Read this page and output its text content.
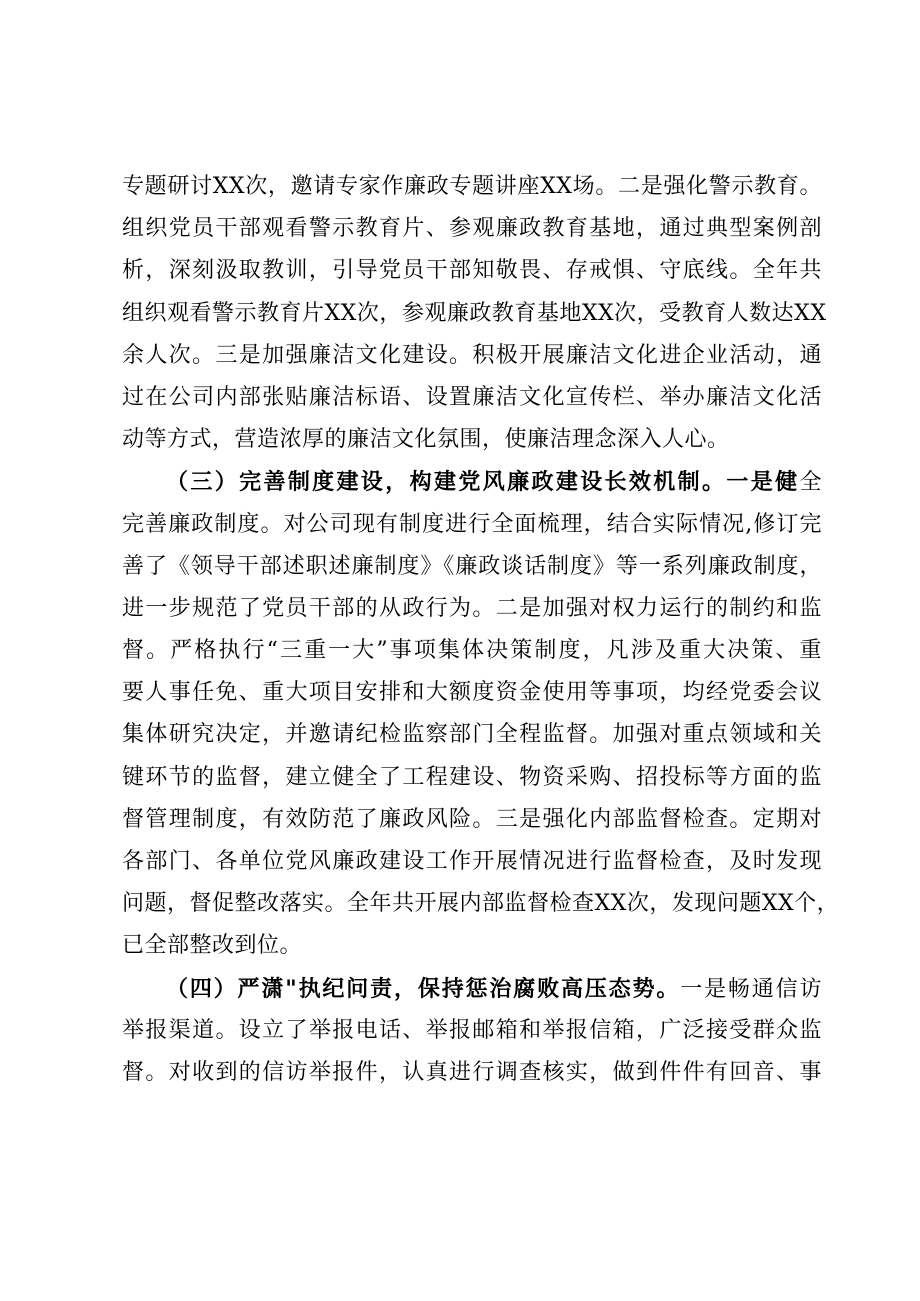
专题研讨XX次，邀请专家作廉政专题讲座XX场。二是强化警示教育。
组织党员干部观看警示教育片、参观廉政教育基地，通过典型案例剖
析，深刻汲取教训，引导党员干部知敬畏、存戒惧、守底线。全年共
组织观看警示教育片XX次，参观廉政教育基地XX次，受教育人数达XX
余人次。三是加强廉洁文化建设。积极开展廉洁文化进企业活动，通
过在公司内部张贴廉洁标语、设置廉洁文化宣传栏、举办廉洁文化活
动等方式，营造浓厚的廉洁文化氛围，使廉洁理念深入人心。
（三）完善制度建设，构建党风廉政建设长效机制。一是健全
完善廉政制度。对公司现有制度进行全面梳理，结合实际情况,修订完
善了《领导干部述职述廉制度》《廉政谈话制度》等一系列廉政制度，
进一步规范了党员干部的从政行为。二是加强对权力运行的制约和监
督。严格执行“三重一大”事项集体决策制度，凡涉及重大决策、重
要人事任免、重大项目安排和大额度资金使用等事项，均经党委会议
集体研究决定，并邀请纪检监察部门全程监督。加强对重点领域和关
键环节的监督，建立健全了工程建设、物资采购、招投标等方面的监
督管理制度，有效防范了廉政风险。三是强化内部监督检查。定期对
各部门、各单位党风廉政建设工作开展情况进行监督检查，及时发现
问题，督促整改落实。全年共开展内部监督检查XX次，发现问题XX个，
已全部整改到位。
（四）严潇"执纪问责，保持惩治腐败高压态势。一是畅通信访
举报渠道。设立了举报电话、举报邮箱和举报信箱，广泛接受群众监
督。对收到的信访举报件，认真进行调查核实，做到件件有回音、事
